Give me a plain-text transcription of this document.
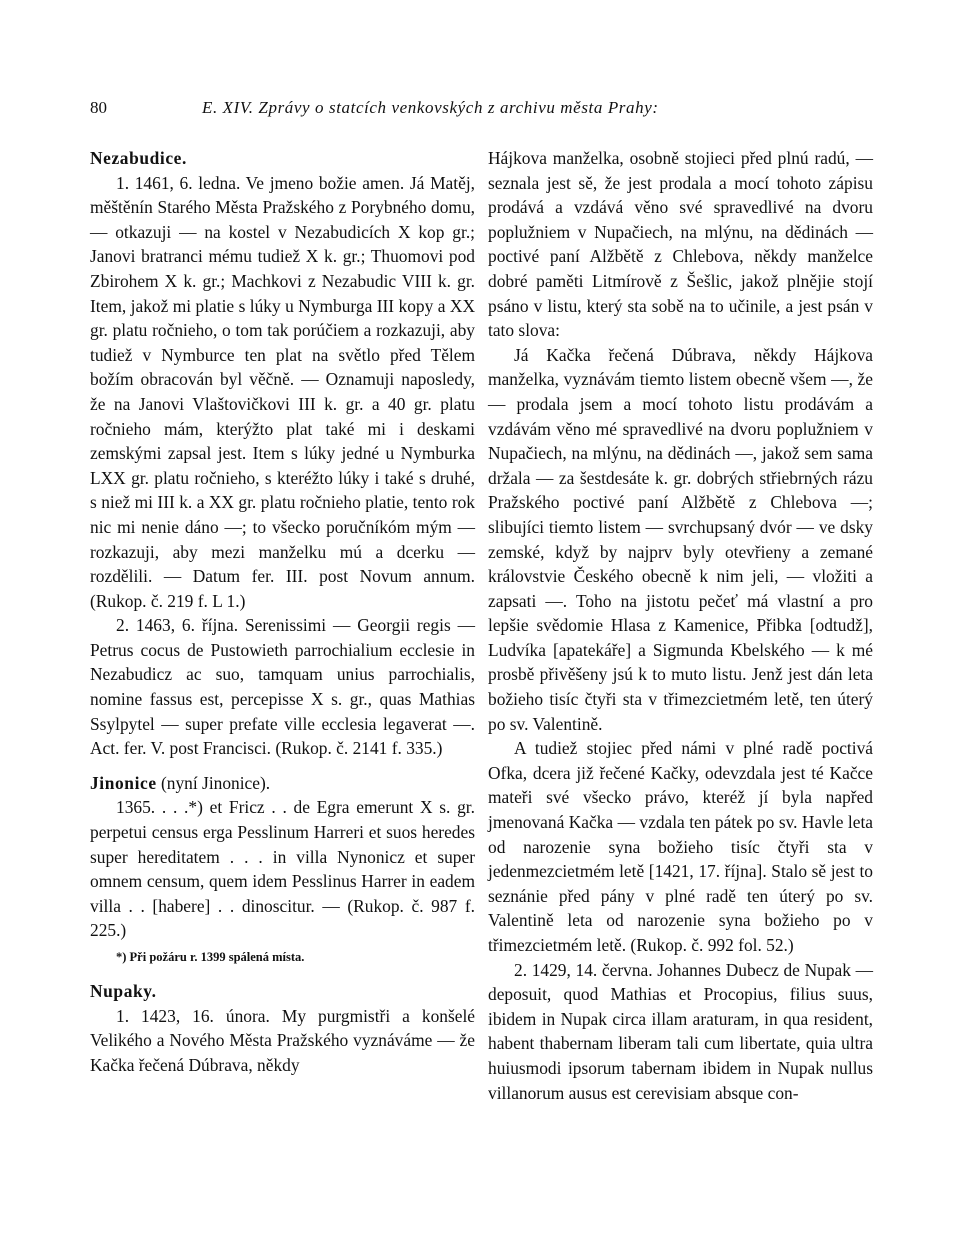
80	E. XIV. Zprávy o statcích venkovských z archivu města Prahy:
Nezabudice.

1. 1461, 6. ledna. Ve jmeno božie amen. Já Matěj, měštěnín Starého Města Pražského z Porybného domu, — otkazuji — na kostel v Nezabudicích X kop gr.; Janovi bratranci mému tudiež X k. gr.; Thuomovi pod Zbirohem X k. gr.; Machkovi z Nezabudic VIII k. gr. Item, jakož mi platie s lúky u Nymburga III kopy a XX gr. platu ročnieho, o tom tak porúčiem a rozkazuji, aby tudiež v Nymburce ten plat na světlo před Tělem božím obracován byl věčně. — Oznamuji naposledy, že na Janovi Vlaštovičkovi III k. gr. a 40 gr. platu ročnieho mám, kterýžto plat také mi i deskami zemskými zapsal jest. Item s lúky jedné u Nymburka LXX gr. platu ročnieho, s kteréžto lúky i také s druhé, s niež mi III k. a XX gr. platu ročnieho platie, tento rok nic mi nenie dáno —; to všecko poručníkóm mým — rozkazuji, aby mezi manželku mú a dcerku — rozdělili. — Datum fer. III. post Novum annum. (Rukop. č. 219 f. L 1.)

2. 1463, 6. října. Serenissimi — Georgii regis — Petrus cocus de Pustowieth parrochialium ecclesie in Nezabudicz ac suo, tamquam unius parrochialis, nomine fassus est, percepisse X s. gr., quas Mathias Ssylpytel — super prefate ville ecclesia legaverat —. Act. fer. V. post Francisci. (Rukop. č. 2141 f. 335.)

Jinonice (nyní Jinonice).

1365. . . .*) et Fricz . . de Egra emerunt X s. gr. perpetui census erga Pesslinum Harreri et suos heredes super hereditatem . . . in villa Nynonicz et super omnem censum, quem idem Pesslinus Harrer in eadem villa . . [habere] . . dinoscitur. — (Rukop. č. 987 f. 225.)

*) Při požáru r. 1399 spálená místa.
Nupaky.

1. 1423, 16. února. My purgmistři a konšelé Velikého a Nového Města Pražského vyznáváme — že Kačka řečená Dúbrava, někdy

Hájkova manželka, osobně stojieci před plnú radú, — seznala jest sě, že jest prodala a mocí tohoto zápisu prodává a vzdává věno své spravedlivé na dvoru poplužniem v Nupačiech, na mlýnu, na dědinách — poctivé paní Alžbětě z Chlebova, někdy manželce dobré paměti Litmírově z Šešlic, jakož plnějie stojí psáno v listu, který sta sobě na to učinile, a jest psán v tato slova:

Já Kačka řečená Dúbrava, někdy Hájkova manželka, vyznávám tiemto listem obecně všem —, že — prodala jsem a mocí tohoto listu prodávám a vzdávám věno mé spravedlivé na dvoru poplužniem v Nupačiech, na mlýnu, na dědinách —, jakož sem sama držala — za šestdesáte k. gr. dobrých střiebrných rázu Pražského poctivé paní Alžbětě z Chlebova —; slibujíci tiemto listem — svrchupsaný dvór — ve dsky zemské, když by najprv byly otevřieny a zemané královstvie Českého obecně k nim jeli, — vložiti a zapsati —. Toho na jistotu pečeť má vlastní a pro lepšie svědomie Hlasa z Kamenice, Přibka [odtudž], Ludvíka [apatekáře] a Sigmunda Kbelského — k mé prosbě přivěšeny jsú k to muto listu. Jenž jest dán leta božieho tisíc čtyři sta v třimezcietmém letě, ten úterý po sv. Valentině.

A tudiež stojiec před námi v plné radě poctivá Ofka, dcera již řečené Kačky, odevzdala jest té Kačce mateři své všecko právo, kteréž jí byla napřed jmenovaná Kačka — vzdala ten pátek po sv. Havle leta od narozenie syna božieho tisíc čtyři sta v jedenmezcietmém letě [1421, 17. října]. Stalo sě jest to seznánie před pány v plné radě ten úterý po sv. Valentině leta od narozenie syna božieho po v třimezcietmém letě. (Rukop. č. 992 fol. 52.)

2. 1429, 14. června. Johannes Dubecz de Nupak — deposuit, quod Mathias et Procopius, filius suus, ibidem in Nupak circa illam araturam, in qua resident, habent thabernam liberam tali cum libertate, quia ultra huiusmodi ipsorum tabernam ibidem in Nupak nullus villanorum ausus est cerevisiam absque con-
